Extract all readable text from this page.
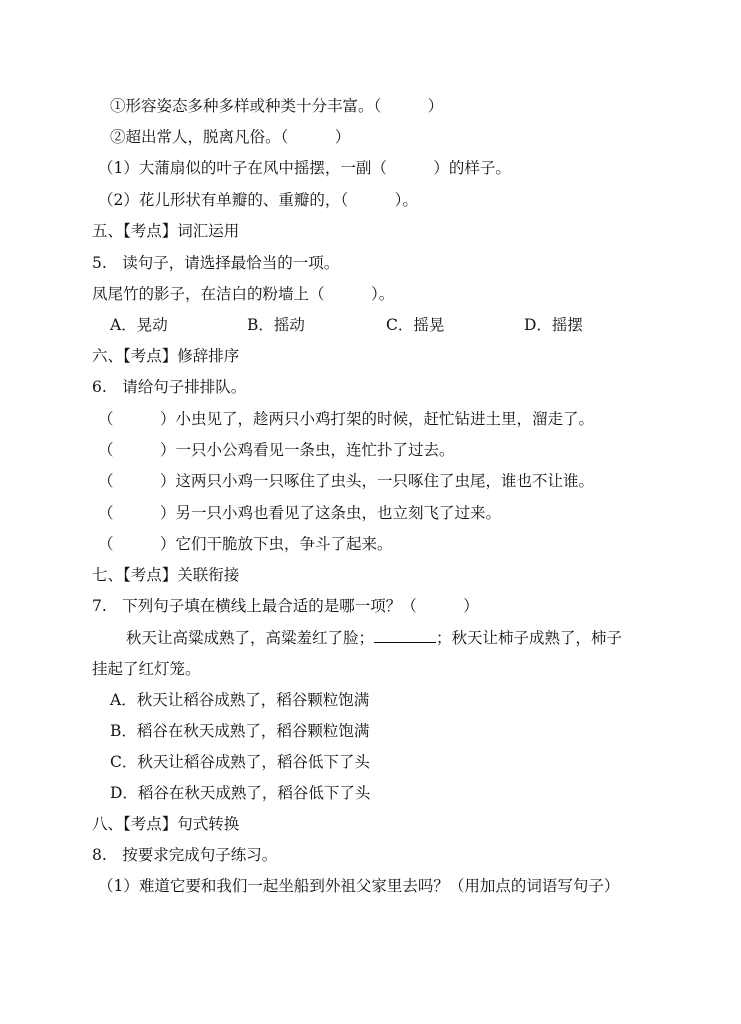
①形容姿态多种多样或种类十分丰富。（　　　）
②超出常人，脱离凡俗。（　　　）
（1）大蒲扇似的叶子在风中摇摆，一副（　　　）的样子。
（2）花儿形状有单瓣的、重瓣的，（　　　）。
五、【考点】词汇运用
5.　读句子，请选择最恰当的一项。
凤尾竹的影子，在洁白的粉墙上（　　　）。
A．晃动	B．摇动	C．摇晃	D．摇摆
六、【考点】修辞排序
6.　请给句子排排队。
（　　　）小虫见了，趁两只小鸡打架的时候，赶忙钻进土里，溜走了。
（　　　）一只小公鸡看见一条虫，连忙扑了过去。
（　　　）这两只小鸡一只啄住了虫头，一只啄住了虫尾，谁也不让谁。
（　　　）另一只小鸡也看见了这条虫，也立刻飞了过来。
（　　　）它们干脆放下虫，争斗了起来。
七、【考点】关联衔接
7.　下列句子填在横线上最合适的是哪一项？（　　　）
秋天让高粱成熟了，高粱羞红了脸；	；秋天让柿子成熟了，柿子
挂起了红灯笼。
A．秋天让稻谷成熟了，稻谷颗粒饱满
B．稻谷在秋天成熟了，稻谷颗粒饱满
C．秋天让稻谷成熟了，稻谷低下了头
D．稻谷在秋天成熟了，稻谷低下了头
八、【考点】句式转换
8.　按要求完成句子练习。
（1）难道它要和我们一起坐船到外祖父家里去吗？（用加点的词语写句子）
